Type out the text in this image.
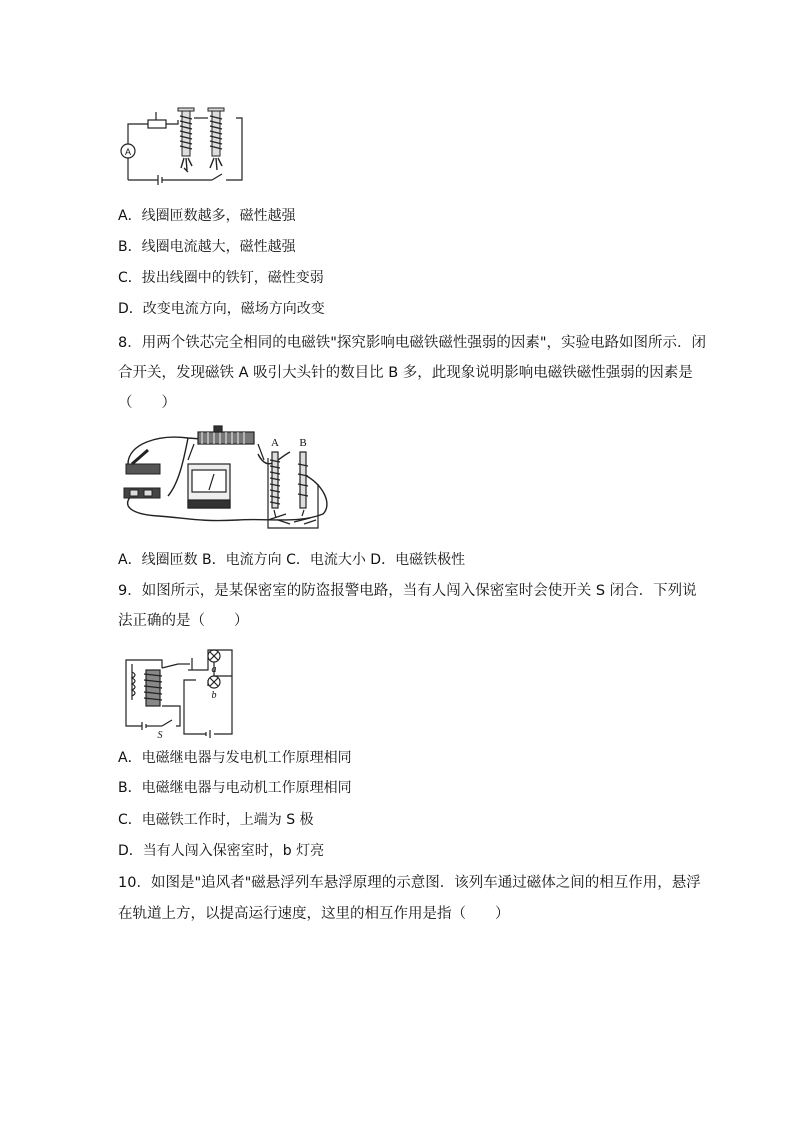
A
A．线圈匝数越多，磁性越强
B．线圈电流越大，磁性越强
C．拔出线圈中的铁钉，磁性变弱
D．改变电流方向，磁场方向改变
8．用两个铁芯完全相同的电磁铁"探究影响电磁铁磁性强弱的因素"，实验电路如图所示．闭
合开关，发现磁铁 A 吸引大头针的数目比 B 多，此现象说明影响电磁铁磁性强弱的因素是
（　　）
A B
A．线圈匝数 B．电流方向 C．电流大小 D．电磁铁极性
9．如图所示，是某保密室的防盗报警电路，当有人闯入保密室时会使开关 S 闭合．下列说
法正确的是（　　）
a
b
S
A．电磁继电器与发电机工作原理相同
B．电磁继电器与电动机工作原理相同
C．电磁铁工作时，上端为 S 极
D．当有人闯入保密室时，b 灯亮
10．如图是"追风者"磁悬浮列车悬浮原理的示意图．该列车通过磁体之间的相互作用，悬浮
在轨道上方，以提高运行速度，这里的相互作用是指（　　）
